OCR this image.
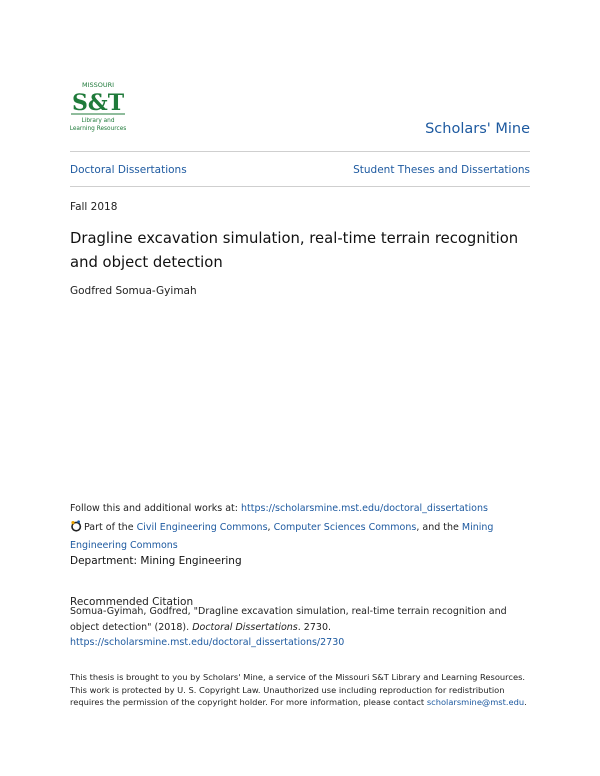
MISSOURI
S&T
Library and
Learning Resources	Scholars' Mine
Doctoral Dissertations	Student Theses and Dissertations
Fall 2018
Dragline excavation simulation, real-time terrain recognition and object detection
Godfred Somua-Gyimah
Follow this and additional works at: https://scholarsmine.mst.edu/doctoral_dissertations
Part of the Civil Engineering Commons, Computer Sciences Commons, and the Mining Engineering Commons
Department: Mining Engineering
Recommended Citation
Somua-Gyimah, Godfred, "Dragline excavation simulation, real-time terrain recognition and object detection" (2018). Doctoral Dissertations. 2730.
https://scholarsmine.mst.edu/doctoral_dissertations/2730
This thesis is brought to you by Scholars' Mine, a service of the Missouri S&T Library and Learning Resources. This work is protected by U. S. Copyright Law. Unauthorized use including reproduction for redistribution requires the permission of the copyright holder. For more information, please contact scholarsmine@mst.edu.
